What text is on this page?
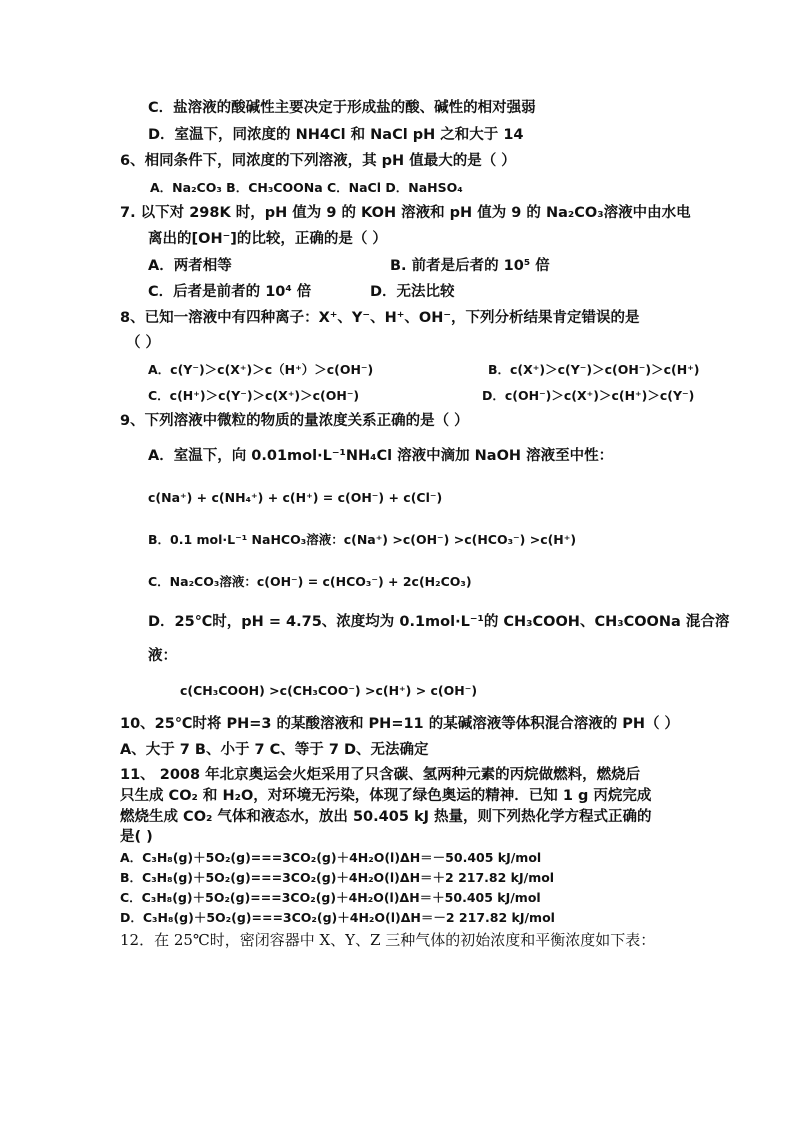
C．盐溶液的酸碱性主要决定于形成盐的酸、碱性的相对强弱
D．室温下，同浓度的 NH4Cl 和 NaCl pH 之和大于 14
6、相同条件下，同浓度的下列溶液，其 pH 值最大的是（ ）
A．Na₂CO₃ B．CH₃COONa C．NaCl D．NaHSO₄
7. 以下对 298K 时，pH 值为 9 的 KOH 溶液和 pH 值为 9 的 Na₂CO₃溶液中由水电
离出的[OH⁻]的比较，正确的是（ ）
A．两者相等	B. 前者是后者的 10⁵ 倍
C．后者是前者的 10⁴ 倍	D．无法比较
8、已知一溶液中有四种离子：X⁺、Y⁻、H⁺、OH⁻，下列分析结果肯定错误的是
（ ）
A．c(Y⁻)＞c(X⁺)＞c（H⁺）＞c(OH⁻)	B．c(X⁺)＞c(Y⁻)＞c(OH⁻)＞c(H⁺)
C．c(H⁺)＞c(Y⁻)＞c(X⁺)＞c(OH⁻)	D．c(OH⁻)＞c(X⁺)＞c(H⁺)＞c(Y⁻)
9、下列溶液中微粒的物质的量浓度关系正确的是（ ）
A．室温下，向 0.01mol·L⁻¹NH₄Cl 溶液中滴加 NaOH 溶液至中性：
c(Na⁺) + c(NH₄⁺) + c(H⁺) = c(OH⁻) + c(Cl⁻)
B．0.1 mol·L⁻¹ NaHCO₃溶液：c(Na⁺) >c(OH⁻) >c(HCO₃⁻) >c(H⁺)
C．Na₂CO₃溶液：c(OH⁻) = c(HCO₃⁻) + 2c(H₂CO₃)
D．25℃时，pH = 4.75、浓度均为 0.1mol·L⁻¹的 CH₃COOH、CH₃COONa 混合溶
液：
c(CH₃COOH) >c(CH₃COO⁻) >c(H⁺) > c(OH⁻)
10、25℃时将 PH=3 的某酸溶液和 PH=11 的某碱溶液等体积混合溶液的 PH（ ）
A、大于 7 B、小于 7 C、等于 7 D、无法确定
11、 2008 年北京奥运会火炬采用了只含碳、氢两种元素的丙烷做燃料，燃烧后
只生成 CO₂ 和 H₂O，对环境无污染，体现了绿色奥运的精神．已知 1 g 丙烷完成
燃烧生成 CO₂ 气体和液态水，放出 50.405 kJ 热量，则下列热化学方程式正确的
是( )
A．C₃H₈(g)＋5O₂(g)===3CO₂(g)＋4H₂O(l)ΔH＝－50.405 kJ/mol
B．C₃H₈(g)＋5O₂(g)===3CO₂(g)＋4H₂O(l)ΔH＝＋2 217.82 kJ/mol
C．C₃H₈(g)＋5O₂(g)===3CO₂(g)＋4H₂O(l)ΔH＝＋50.405 kJ/mol
D．C₃H₈(g)＋5O₂(g)===3CO₂(g)＋4H₂O(l)ΔH＝－2 217.82 kJ/mol
12．在 25℃时，密闭容器中 X、Y、Z 三种气体的初始浓度和平衡浓度如下表：
